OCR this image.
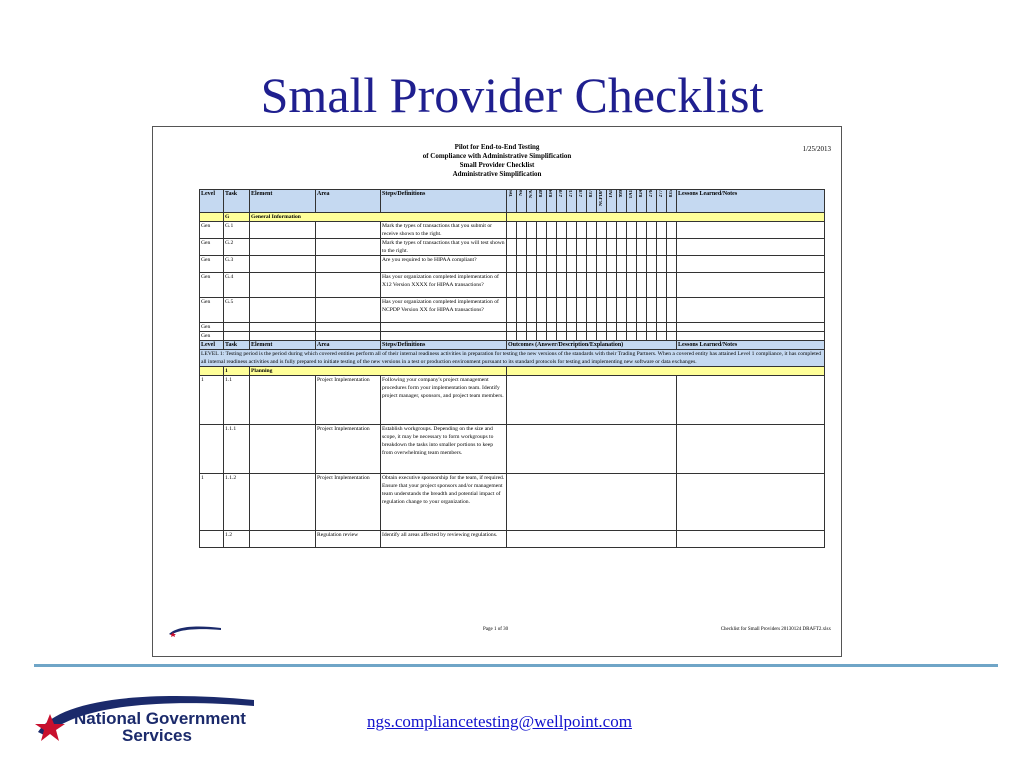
Small Provider Checklist
Pilot for End-to-End Testing
of Compliance with Administrative Simplification
Small Provider Checklist
Administrative Simplification
1/25/2013
Level	Task	Element	Area	Steps/Definitions	Yes	No	N/A	820	834	270	271	278	837	NCPDP	TAI	999	TA1	824	276	277	835	Lessons Learned/Notes
	G	General Information																				
Gen	G.1			Mark the types of transactions that you submit or receive shown to the right.																		
Gen	G.2			Mark the types of transactions that you will test shown to the right.																		
Gen	G.3			Are you required to be HIPAA compliant?																		
Gen	G.4			Has your organization completed implementation of X12 Version XXXX for HIPAA transactions?																		
Gen	G.5			Has your organization completed implementation of NCPDP Version XX for HIPAA transactions?																		
Gen																						
Gen																						
Level	Task	Element	Area	Steps/Definitions	Outcomes (Answer/Description/Explanation)																	Lessons Learned/Notes
LEVEL 1: Testing period is the period during which covered entities perform all of their internal readiness activities in preparation for testing the new versions of the standards with their Trading Partners. When a covered entity has attained Level 1 compliance, it has completed all internal readiness activities and is fully prepared to initiate testing of the new versions in a test or production environment pursuant to its standard protocols for testing and implementing new software or data exchanges.																						
	1	Planning																				
1	1.1		Project Implementation	Following your company's project management procedures form your implementation team. Identify project manager, sponsors, and project team members.																		
	1.1.1		Project Implementation	Establish workgroups. Depending on the size and scope, it may be necessary to form workgroups to breakdown the tasks into smaller portions to keep from overwhelming team members.																		
1	1.1.2		Project Implementation	Obtain executive sponsorship for the team, if required. Ensure that your project sponsors and/or management team understands the breadth and potential impact of regulation change to your organization.																		
	1.2		Regulation review	Identify all areas affected by reviewing regulations.																		
Page 1 of 30	Checklist for Small Providers 20130124 DRAFT2.xlsx
National Government
Services
ngs.compliancetesting@wellpoint.com
